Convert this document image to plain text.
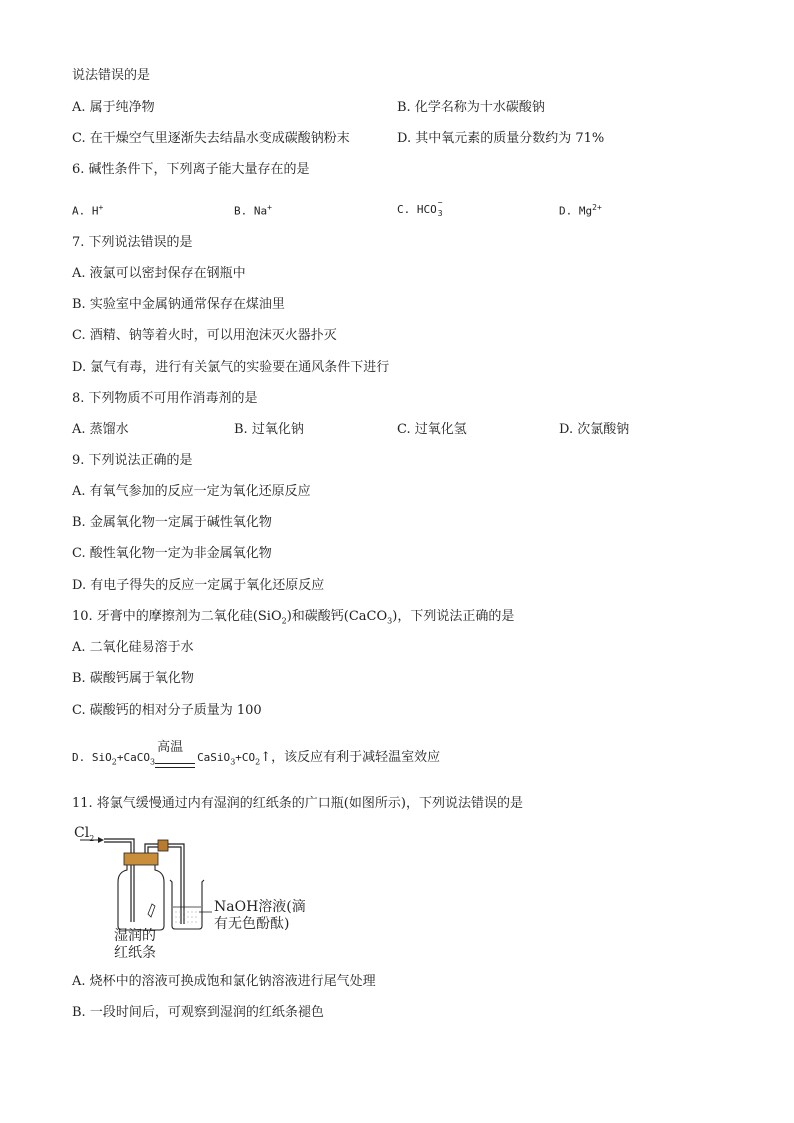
说法错误的是
A. 属于纯净物	B. 化学名称为十水碳酸钠
C. 在干燥空气里逐渐失去结晶水变成碳酸钠粉末	D. 其中氧元素的质量分数约为 71%
6. 碱性条件下，下列离子能大量存在的是
A. H+	B. Na+	C. HCO
−
3	D. $Mg^{2+}$
7. 下列说法错误的是
A. 液氯可以密封保存在钢瓶中
B. 实验室中金属钠通常保存在煤油里
C. 酒精、钠等着火时，可以用泡沫灭火器扑灭
D. 氯气有毒，进行有关氯气的实验要在通风条件下进行
8. 下列物质不可用作消毒剂的是
A. 蒸馏水	B. 过氧化钠	C. 过氧化氢	D. 次氯酸钠
9. 下列说法正确的是
A. 有氧气参加的反应一定为氧化还原反应
B. 金属氧化物一定属于碱性氧化物
C. 酸性氧化物一定为非金属氧化物
D. 有电子得失的反应一定属于氧化还原反应
10. 牙膏中的摩擦剂为二氧化硅(SiO$_2$)和碳酸钙(CaCO$_3$)，下列说法正确的是
A. 二氧化硅易溶于水
B. 碳酸钙属于氧化物
C. 碳酸钙的相对分子质量为 100
D. SiO$_2$+CaCO$_3$
高温
$CaSiO_3+CO_2↑$，该反应有利于减轻温室效应
11. 将氯气缓慢通过内有湿润的红纸条的广口瓶(如图所示)，下列说法错误的是
$Cl_2$
NaOH溶液(滴
有无色酚酞)
湿润的
红纸条
A. 烧杯中的溶液可换成饱和氯化钠溶液进行尾气处理
B. 一段时间后，可观察到湿润的红纸条褪色
